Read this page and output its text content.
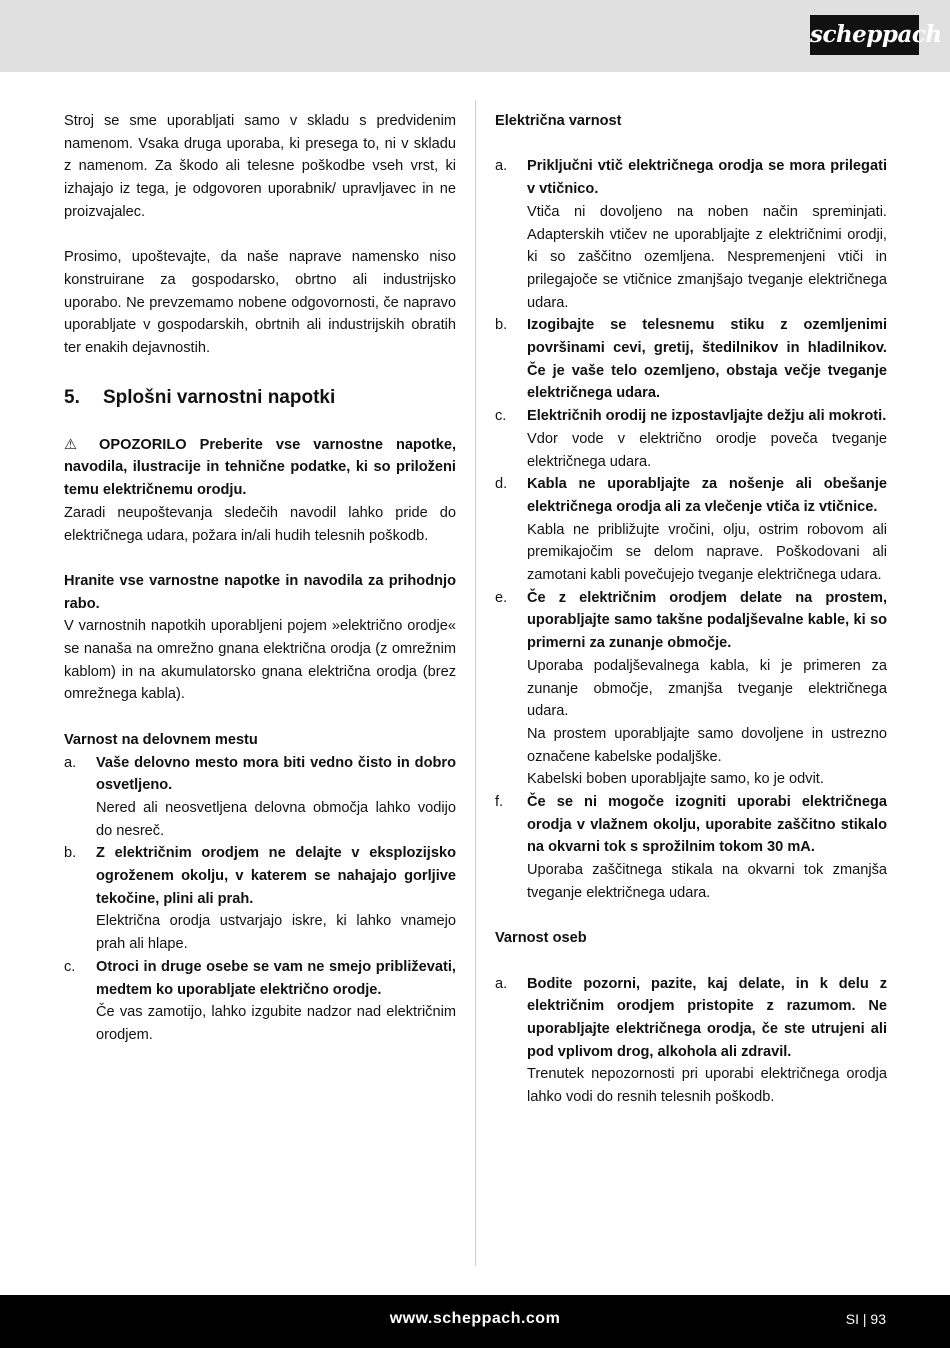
scheppach

Stroj se sme uporabljati samo v skladu s predvidenim namenom. Vsaka druga uporaba, ki presega to, ni v skladu z namenom. Za škodo ali telesne poškodbe vseh vrst, ki izhajajo iz tega, je odgovoren uporabnik/ upravljavec in ne proizvajalec.

Prosimo, upoštevajte, da naše naprave namensko niso konstruirane za gospodarsko, obrtno ali industrijsko uporabo. Ne prevzemamo nobene odgovornosti, če napravo uporabljate v gospodarskih, obrtnih ali industrijskih obratih ter enakih dejavnostih.

5. Splošni varnostni napotki

⚠ OPOZORILO Preberite vse varnostne napotke, navodila, ilustracije in tehnične podatke, ki so priloženi temu električnemu orodju.

Zaradi neupoštevanja sledečih navodil lahko pride do električnega udara, požara in/ali hudih telesnih poškodb.

Hranite vse varnostne napotke in navodila za prihodnjo rabo.

V varnostnih napotkih uporabljeni pojem »električno orodje« se nanaša na omrežno gnana električna orodja (z omrežnim kablom) in na akumulatorsko gnana električna orodja (brez omrežnega kabla).

Varnost na delovnem mestu

a.	Vaše delovno mesto mora biti vedno čisto in dobro osvetljeno.

Nered ali neosvetljena delovna območja lahko vodijo do nesreč.

b.	Z električnim orodjem ne delajte v eksplozijsko ogroženem okolju, v katerem se nahajajo gorljive tekočine, plini ali prah.

Električna orodja ustvarjajo iskre, ki lahko vnamejo prah ali hlape.

c.	Otroci in druge osebe se vam ne smejo približevati, medtem ko uporabljate električno orodje.

Če vas zamotijo, lahko izgubite nadzor nad električnim orodjem.

Električna varnost

a.	Priključni vtič električnega orodja se mora prilegati v vtičnico.

Vtiča ni dovoljeno na noben način spreminjati. Adapterskih vtičev ne uporabljajte z električnimi orodji, ki so zaščitno ozemljena. Nespremenjeni vtiči in prilegajoče se vtičnice zmanjšajo tveganje električnega udara.

b.	Izogibajte se telesnemu stiku z ozemljenimi površinami cevi, gretij, štedilnikov in hladilnikov. Če je vaše telo ozemljeno, obstaja večje tveganje električnega udara.

c.	Električnih orodij ne izpostavljajte dežju ali mokroti.

Vdor vode v električno orodje poveča tveganje električnega udara.

d.	Kabla ne uporabljajte za nošenje ali obešanje električnega orodja ali za vlečenje vtiča iz vtičnice.

Kabla ne približujte vročini, olju, ostrim robovom ali premikajočim se delom naprave. Poškodovani ali zamotani kabli povečujejo tveganje električnega udara.

e.	Če z električnim orodjem delate na prostem, uporabljajte samo takšne podaljševalne kable, ki so primerni za zunanje območje.

Uporaba podaljševalnega kabla, ki je primeren za zunanje območje, zmanjša tveganje električnega udara.

Na prostem uporabljajte samo dovoljene in ustrezno označene kabelske podaljške.

Kabelski boben uporabljajte samo, ko je odvit.

f.	Če se ni mogoče izogniti uporabi električnega orodja v vlažnem okolju, uporabite zaščitno stikalo na okvarni tok s sprožilnim tokom 30 mA.

Uporaba zaščitnega stikala na okvarni tok zmanjša tveganje električnega udara.

Varnost oseb

a.	Bodite pozorni, pazite, kaj delate, in k delu z električnim orodjem pristopite z razumom. Ne uporabljajte električnega orodja, če ste utrujeni ali pod vplivom drog, alkohola ali zdravil.

Trenutek nepozornosti pri uporabi električnega orodja lahko vodi do resnih telesnih poškodb.

www.scheppach.com	SI | 93
